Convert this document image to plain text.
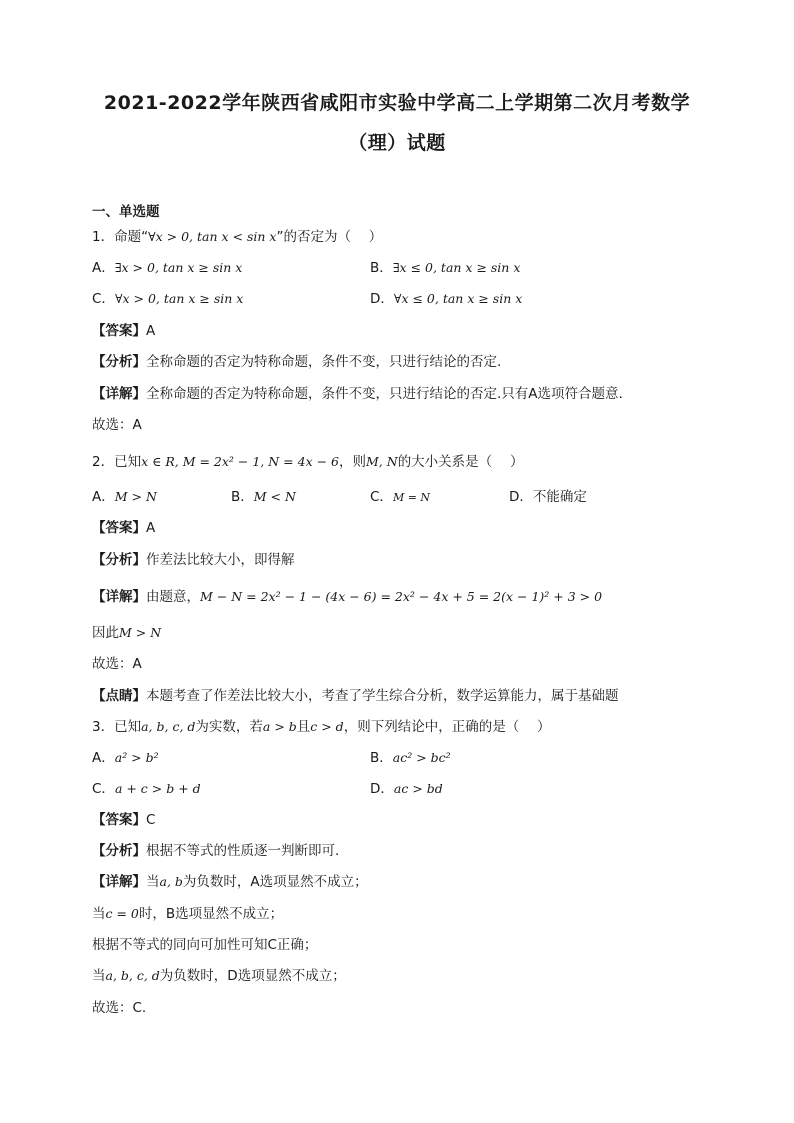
2021-2022学年陕西省咸阳市实验中学高二上学期第二次月考数学
（理）试题
一、单选题
1．命题“∀x > 0, tan x < sin x”的否定为（　 ）
A．∃x > 0, tan x ≥ sin x	B．∃x ≤ 0, tan x ≥ sin x
C．∀x > 0, tan x ≥ sin x	D．∀x ≤ 0, tan x ≥ sin x
【答案】A
【分析】全称命题的否定为特称命题，条件不变，只进行结论的否定.
【详解】全称命题的否定为特称命题，条件不变，只进行结论的否定.只有A选项符合题意.
故选：A
2．已知x ∈ R, M = 2x² − 1, N = 4x − 6，则M, N的大小关系是（　 ）
A．M > N	B．M < N	C．M = N	D．不能确定
【答案】A
【分析】作差法比较大小，即得解
【详解】由题意，M − N = 2x² − 1 − (4x − 6) = 2x² − 4x + 5 = 2(x − 1)² + 3 > 0
因此M > N
故选：A
【点睛】本题考查了作差法比较大小，考查了学生综合分析，数学运算能力，属于基础题
3．已知a, b, c, d为实数，若a > b且c > d，则下列结论中，正确的是（　 ）
A．a² > b²	B．ac² > bc²
C．a + c > b + d	D．ac > bd
【答案】C
【分析】根据不等式的性质逐一判断即可.
【详解】当a, b为负数时，A选项显然不成立；
当c = 0时，B选项显然不成立；
根据不等式的同向可加性可知C正确；
当a, b, c, d为负数时，D选项显然不成立；
故选：C.
